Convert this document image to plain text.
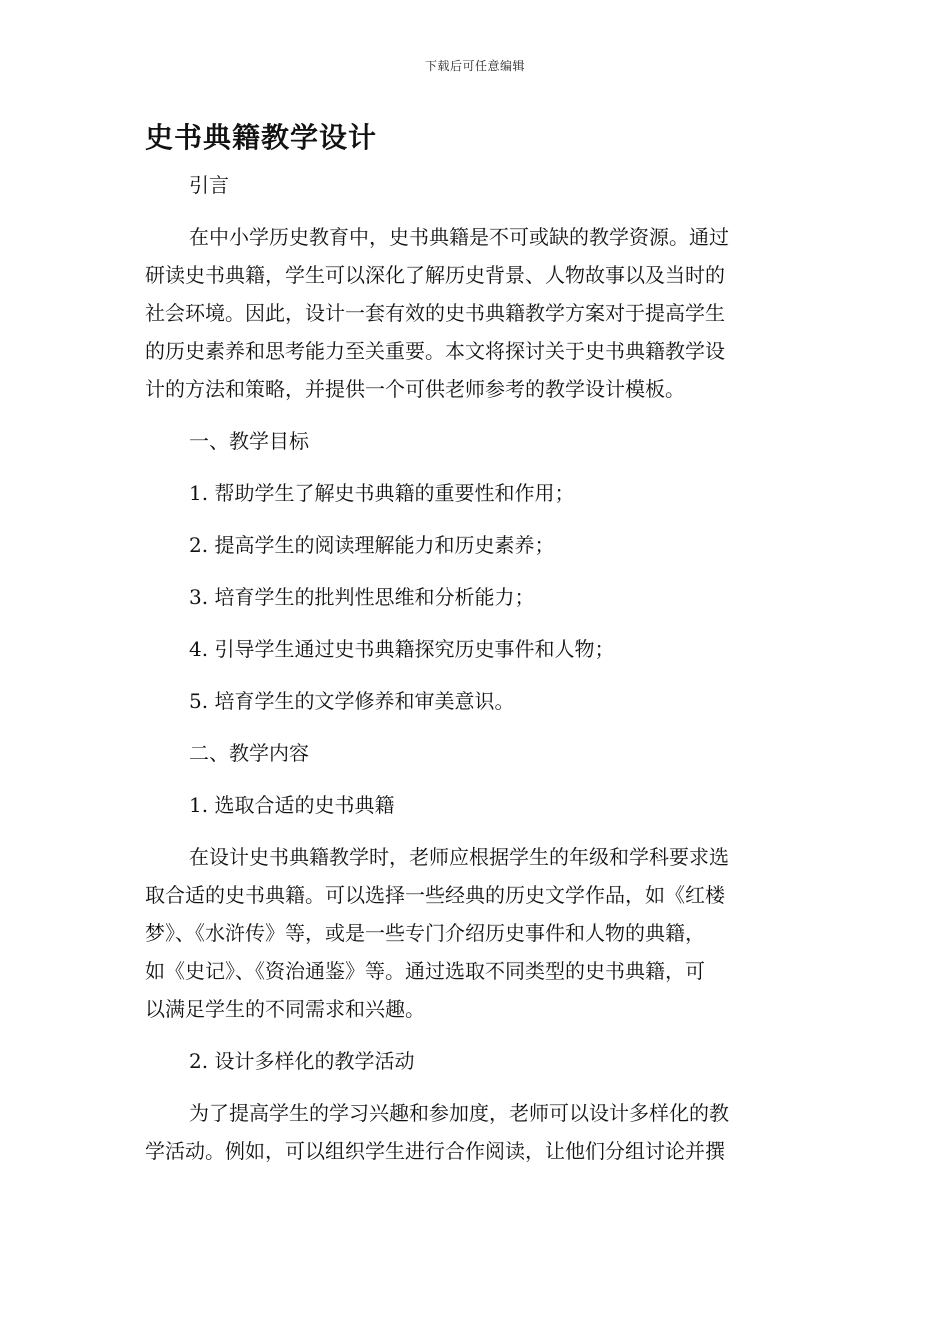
下载后可任意编辑
史书典籍教学设计
引言
在中小学历史教育中，史书典籍是不可或缺的教学资源。通过
研读史书典籍，学生可以深化了解历史背景、人物故事以及当时的
社会环境。因此，设计一套有效的史书典籍教学方案对于提高学生
的历史素养和思考能力至关重要。本文将探讨关于史书典籍教学设
计的方法和策略，并提供一个可供老师参考的教学设计模板。
一、教学目标
1. 帮助学生了解史书典籍的重要性和作用；
2. 提高学生的阅读理解能力和历史素养；
3. 培育学生的批判性思维和分析能力；
4. 引导学生通过史书典籍探究历史事件和人物；
5. 培育学生的文学修养和审美意识。
二、教学内容
1. 选取合适的史书典籍
在设计史书典籍教学时，老师应根据学生的年级和学科要求选
取合适的史书典籍。可以选择一些经典的历史文学作品，如《红楼
梦》、《水浒传》等，或是一些专门介绍历史事件和人物的典籍，
如《史记》、《资治通鉴》等。通过选取不同类型的史书典籍，可
以满足学生的不同需求和兴趣。
2. 设计多样化的教学活动
为了提高学生的学习兴趣和参加度，老师可以设计多样化的教
学活动。例如，可以组织学生进行合作阅读，让他们分组讨论并撰
